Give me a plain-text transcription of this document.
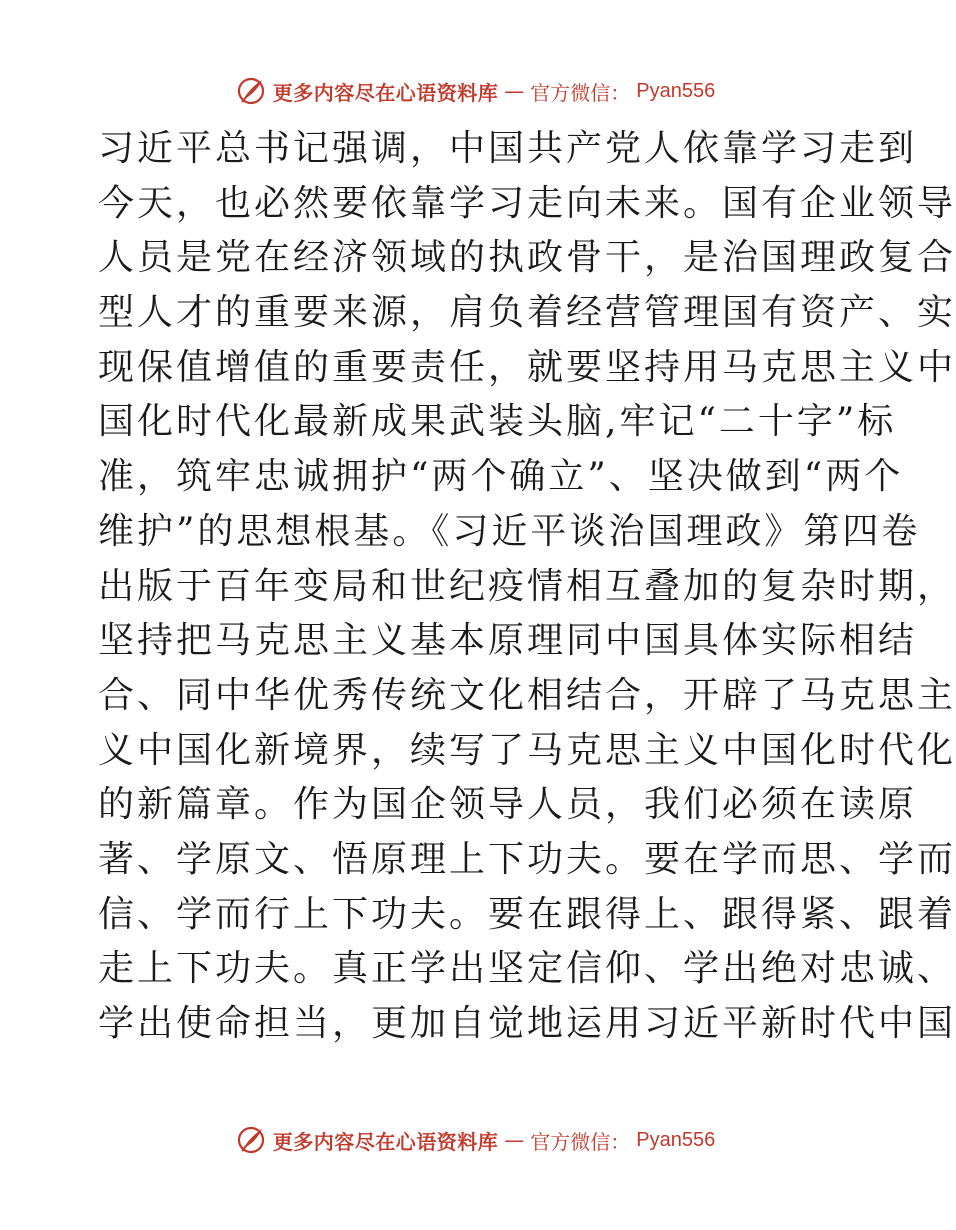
更多内容尽在心语资料库 — 官方微信： Pyan556
习近平总书记强调，中国共产党人依靠学习走到
今天，也必然要依靠学习走向未来。国有企业领导
人员是党在经济领域的执政骨干，是治国理政复合
型人才的重要来源，肩负着经营管理国有资产、实
现保值增值的重要责任，就要坚持用马克思主义中
国化时代化最新成果武装头脑,牢记“二十字”标
准，筑牢忠诚拥护“两个确立”、坚决做到“两个
维护”的思想根基。《习近平谈治国理政》第四卷
出版于百年变局和世纪疫情相互叠加的复杂时期，
坚持把马克思主义基本原理同中国具体实际相结
合、同中华优秀传统文化相结合，开辟了马克思主
义中国化新境界，续写了马克思主义中国化时代化
的新篇章。作为国企领导人员，我们必须在读原
著、学原文、悟原理上下功夫。要在学而思、学而
信、学而行上下功夫。要在跟得上、跟得紧、跟着
走上下功夫。真正学出坚定信仰、学出绝对忠诚、
学出使命担当，更加自觉地运用习近平新时代中国
更多内容尽在心语资料库 — 官方微信： Pyan556
